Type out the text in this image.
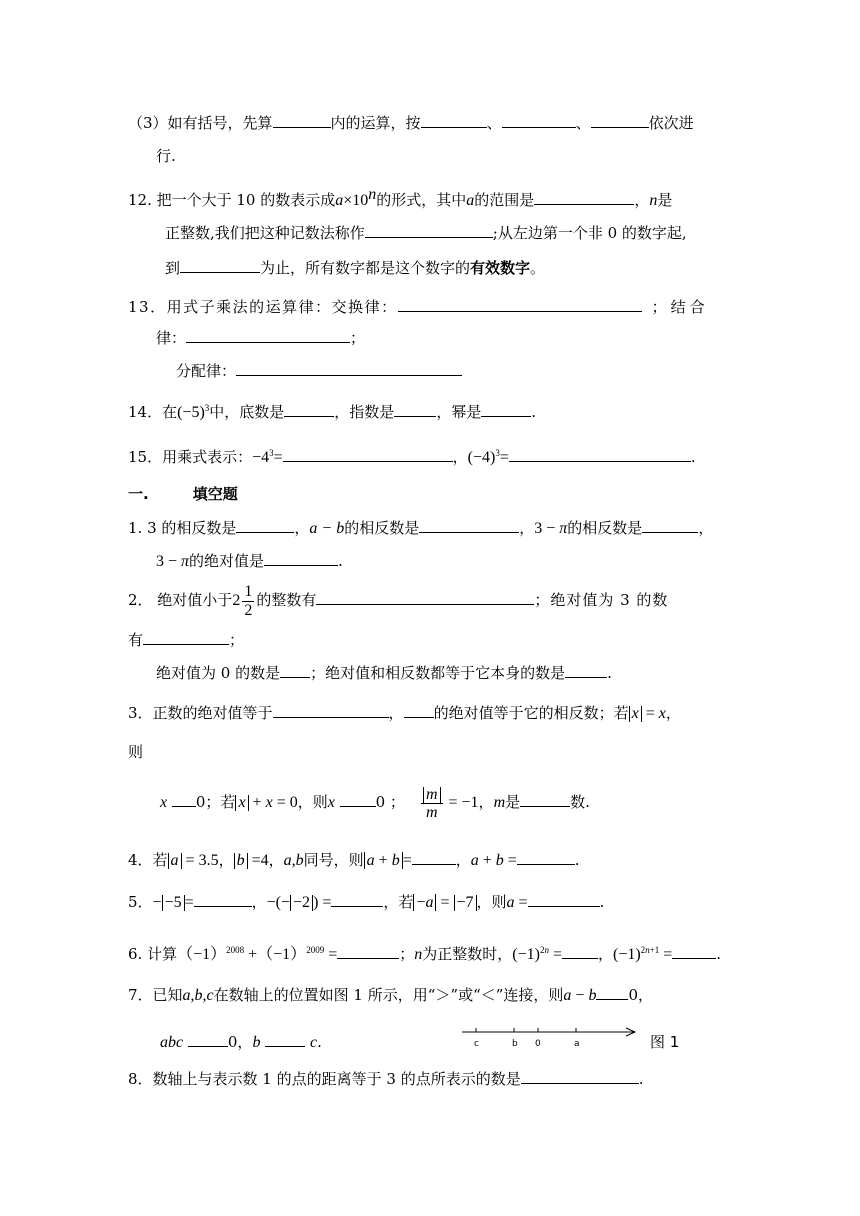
（3）如有括号，先算	内的运算，按	、	、	依次进
行.
12. 把一个大于 10 的数表示成$a\times 10^n$的形式，其中a的范围是	，n是
正整数,我们把这种记数法称作	;从左边第一个非 0 的数字起,
到	为止，所有数字都是这个数字的有效数字。
13．用式子乘法的运算律：交换律：	；结合
律：	；
分配律：
14．在$(-5)^3$中，底数是	，指数是	，幂是	.
15．用乘式表示：$-4^3=$	，$(-4)^3=$	.
一.	填空题
1. 3 的相反数是	，a − b的相反数是	，3 − π的相反数是	，
3 − π的绝对值是	.
2． 绝对值小于$2 \frac{1}{2}$ 的整数有	；绝对值为 3 的数
有	；
绝对值为 0 的数是 ；绝对值和相反数都等于它本身的数是	.
3．正数的绝对值等于	， 的绝对值等于它的相反数；若 x = x，
则
x 0；若 x + x = 0，则x	0 ； $\frac{m}{m} = -1$，m是	数.
4．若 a = 3.5， b =4，a,b同号，则 a + b =	，a + b =	.
5．− −5 =	，−(− −2 ) =	，若 −a = −7 ，则a =	.
6. 计算$(-1)^{2008} +(-1)^{2009}$ =	；n为正整数时，$(-1)^{2n}$ = ，$(-1)^{2n+1}$ =	.
7．已知a,b,c在数轴上的位置如图 1 所示，用“＞”或“＜”连接，则a − b 0，
abc	0，b	c.	c	b 0	a	图 1
8．数轴上与表示数 1 的点的距离等于 3 的点所表示的数是	.
